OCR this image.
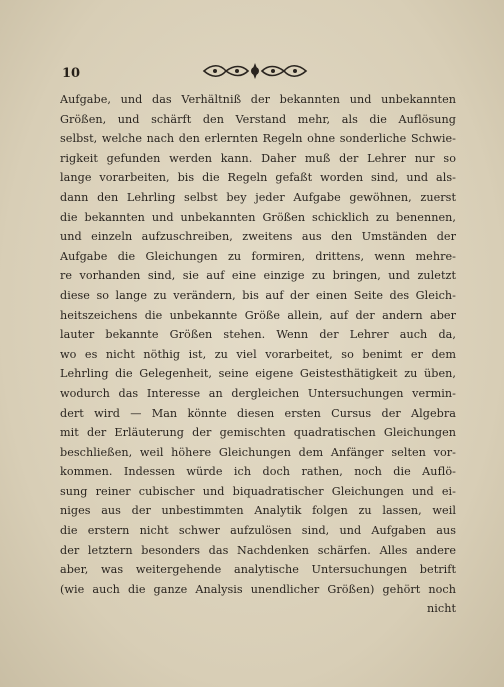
10
Aufgabe, und das Verhältniß der bekannten und unbekannten
Größen, und schärft den Verstand mehr, als die Auflösung
selbst, welche nach den erlernten Regeln ohne sonderliche Schwie-
rigkeit gefunden werden kann. Daher muß der Lehrer nur so
lange vorarbeiten, bis die Regeln gefaßt worden sind, und als-
dann den Lehrling selbst bey jeder Aufgabe gewöhnen, zuerst
die bekannten und unbekannten Größen schicklich zu benennen,
und einzeln aufzuschreiben, zweitens aus den Umständen der
Aufgabe die Gleichungen zu formiren, drittens, wenn mehre-
re vorhanden sind, sie auf eine einzige zu bringen, und zuletzt
diese so lange zu verändern, bis auf der einen Seite des Gleich-
heitszeichens die unbekannte Größe allein, auf der andern aber
lauter bekannte Größen stehen. Wenn der Lehrer auch da,
wo es nicht nöthig ist, zu viel vorarbeitet, so benimt er dem
Lehrling die Gelegenheit, seine eigene Geistesthätigkeit zu üben,
wodurch das Interesse an dergleichen Untersuchungen vermin-
dert wird — Man könnte diesen ersten Cursus der Algebra
mit der Erläuterung der gemischten quadratischen Gleichungen
beschließen, weil höhere Gleichungen dem Anfänger selten vor-
kommen. Indessen würde ich doch rathen, noch die Auflö-
sung reiner cubischer und biquadratischer Gleichungen und ei-
niges aus der unbestimmten Analytik folgen zu lassen, weil
die erstern nicht schwer aufzulösen sind, und Aufgaben aus
der letztern besonders das Nachdenken schärfen. Alles andere
aber, was weitergehende analytische Untersuchungen betrift
(wie auch die ganze Analysis unendlicher Größen) gehört noch
nicht
